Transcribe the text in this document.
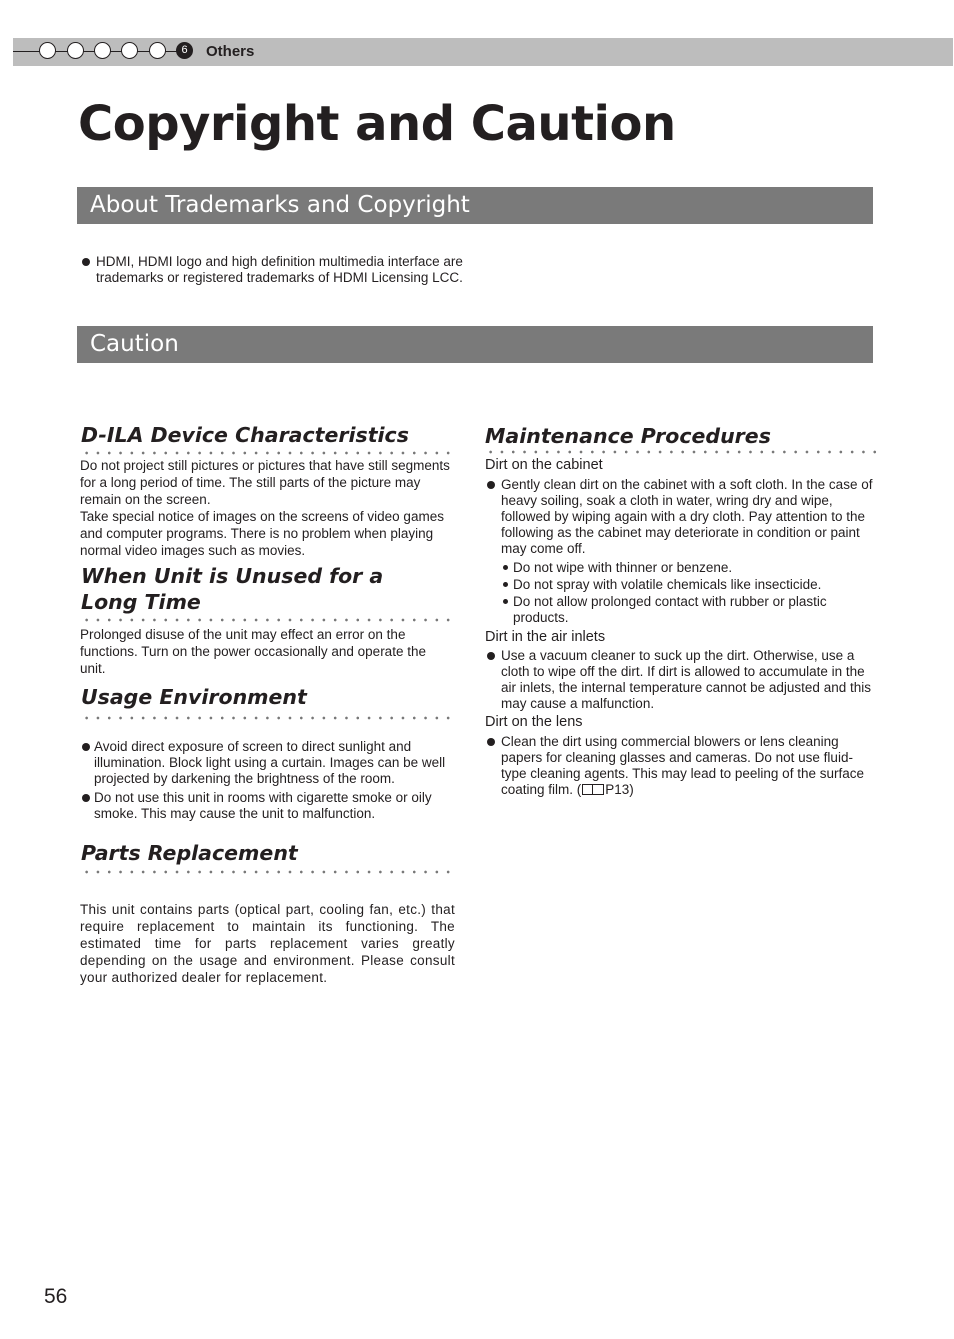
6	Others
Copyright and Caution
About Trademarks and Copyright
HDMI, HDMI logo and high definition multimedia interface are trademarks or registered trademarks of HDMI Licensing LCC.
Caution
D-ILA Device Characteristics

Do not project still pictures or pictures that have still segments for a long period of time. The still parts of the picture may remain on the screen.

Take special notice of images on the screens of video games and computer programs. There is no problem when playing normal video images such as movies.

When Unit is Unused for a Long Time

Prolonged disuse of the unit may effect an error on the functions. Turn on the power occasionally and operate the unit.

Usage Environment
Avoid direct exposure of screen to direct sunlight and illumination. Block light using a curtain. Images can be well projected by darkening the brightness of the room.
Do not use this unit in rooms with cigarette smoke or oily smoke. This may cause the unit to malfunction.
Parts Replacement

This unit contains parts (optical part, cooling fan, etc.) that require replacement to maintain its functioning. The estimated time for parts replacement varies greatly depending on the usage and environment. Please consult your authorized dealer for replacement.

Maintenance Procedures
Dirt on the cabinet
Gently clean dirt on the cabinet with a soft cloth. In the case of heavy soiling, soak a cloth in water, wring dry and wipe, followed by wiping again with a dry cloth. Pay attention to the following as the cabinet may deteriorate in condition or paint may come off.
Do not wipe with thinner or benzene.
Do not spray with volatile chemicals like insecticide.
Do not allow prolonged contact with rubber or plastic products.
Dirt in the air inlets
Use a vacuum cleaner to suck up the dirt. Otherwise, use a cloth to wipe off the dirt. If dirt is allowed to accumulate in the air inlets, the internal temperature cannot be adjusted and this may cause a malfunction.
Dirt on the lens
Clean the dirt using commercial blowers or lens cleaning papers for cleaning glasses and cameras. Do not use fluid-type cleaning agents. This may lead to peeling of the surface coating film. ( P13)
56
